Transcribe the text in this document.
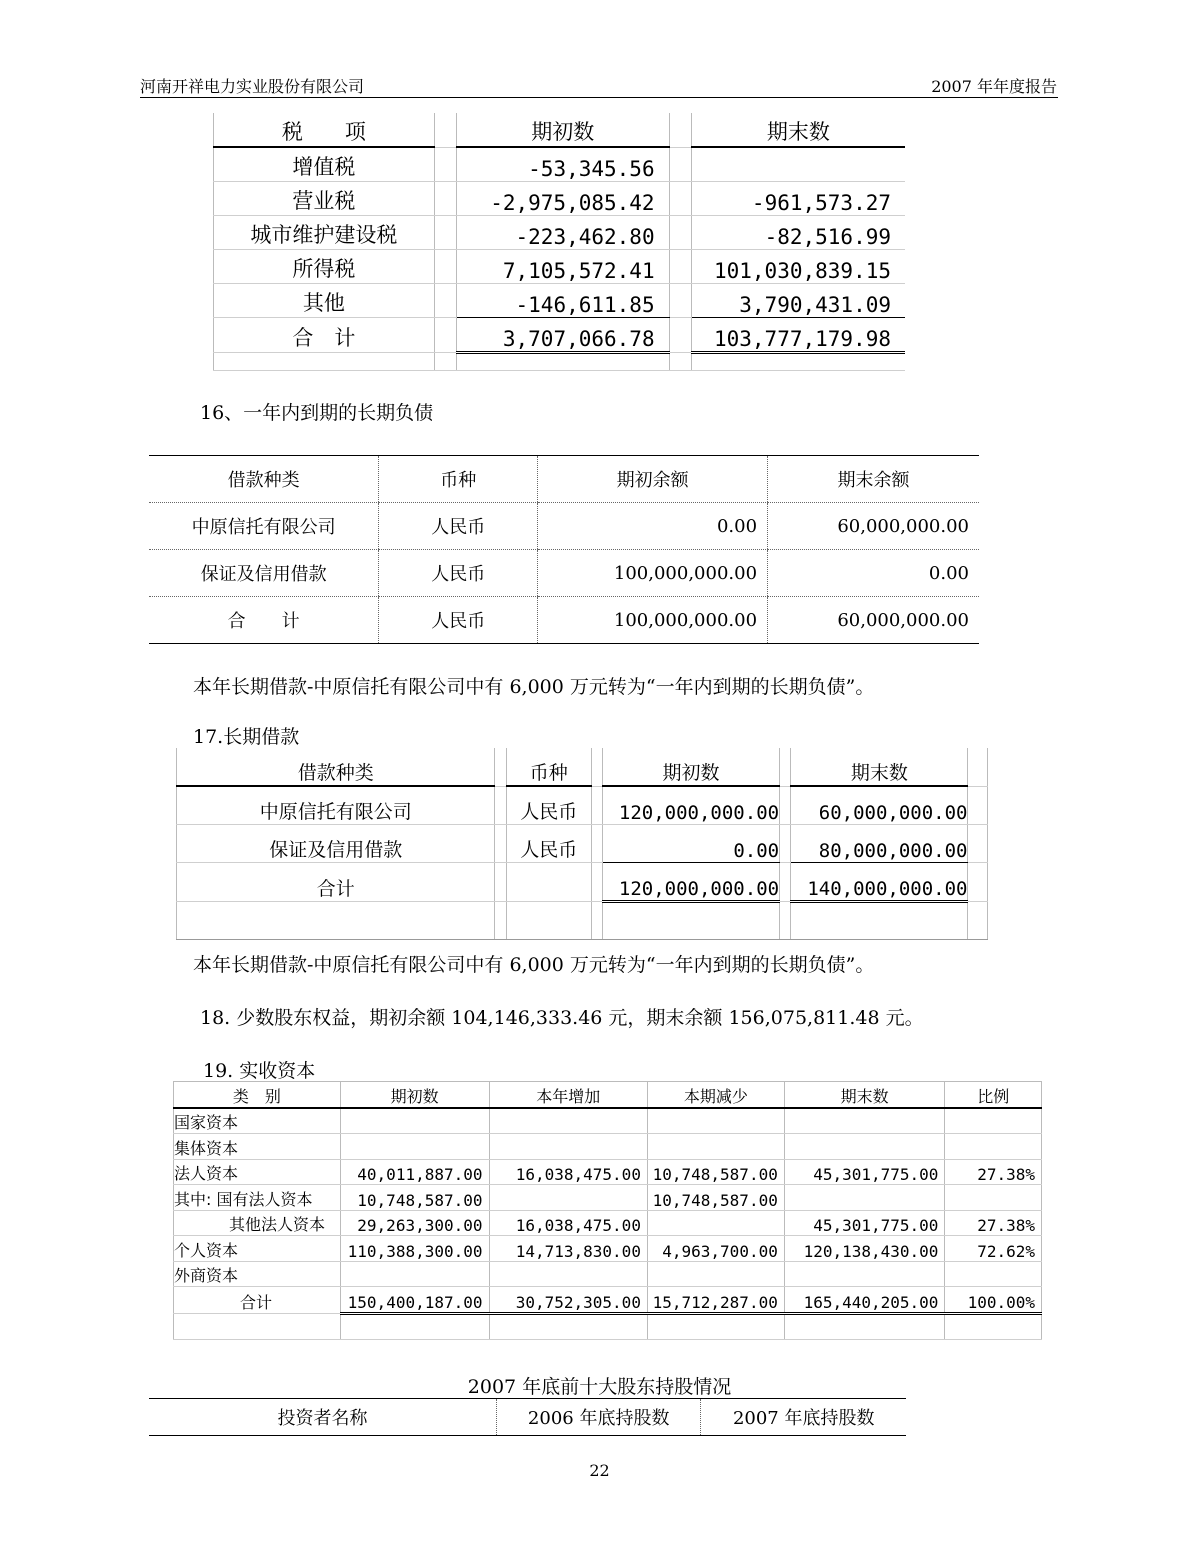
河南开祥电力实业股份有限公司	2007 年年度报告
税　　项		期初数		期末数
增值税		-53,345.56		
营业税		-2,975,085.42		-961,573.27
城市维护建设税		-223,462.80		-82,516.99
所得税		7,105,572.41		101,030,839.15
其他		-146,611.85		3,790,431.09
合　计		3,707,066.78		103,777,179.98

16、一年内到期的长期负债
借款种类	币种	期初余额	期末余额
中原信托有限公司	人民币	0.00	60,000,000.00
保证及信用借款	人民币	100,000,000.00	0.00
合　　计	人民币	100,000,000.00	60,000,000.00
本年长期借款-中原信托有限公司中有 6,000 万元转为“一年内到期的长期负债”。
17.长期借款
借款种类		币种		期初数		期末数	
中原信托有限公司		人民币		120,000,000.00		60,000,000.00	
保证及信用借款		人民币		0.00		80,000,000.00	
合计				120,000,000.00		140,000,000.00	

本年长期借款-中原信托有限公司中有 6,000 万元转为“一年内到期的长期负债”。
18. 少数股东权益，期初余额 104,146,333.46 元，期末余额 156,075,811.48 元。
19. 实收资本
类　别	期初数	本年增加	本期减少	期末数	比例
国家资本					
集体资本					
法人资本	40,011,887.00	16,038,475.00	10,748,587.00	45,301,775.00	27.38%
其中: 国有法人资本	10,748,587.00		10,748,587.00		
其他法人资本	29,263,300.00	16,038,475.00		45,301,775.00	27.38%
个人资本	110,388,300.00	14,713,830.00	4,963,700.00	120,138,430.00	72.62%
外商资本					
合计	150,400,187.00	30,752,305.00	15,712,287.00	165,440,205.00	100.00%

2007 年底前十大股东持股情况
投资者名称	2006 年底持股数	2007 年底持股数
22
